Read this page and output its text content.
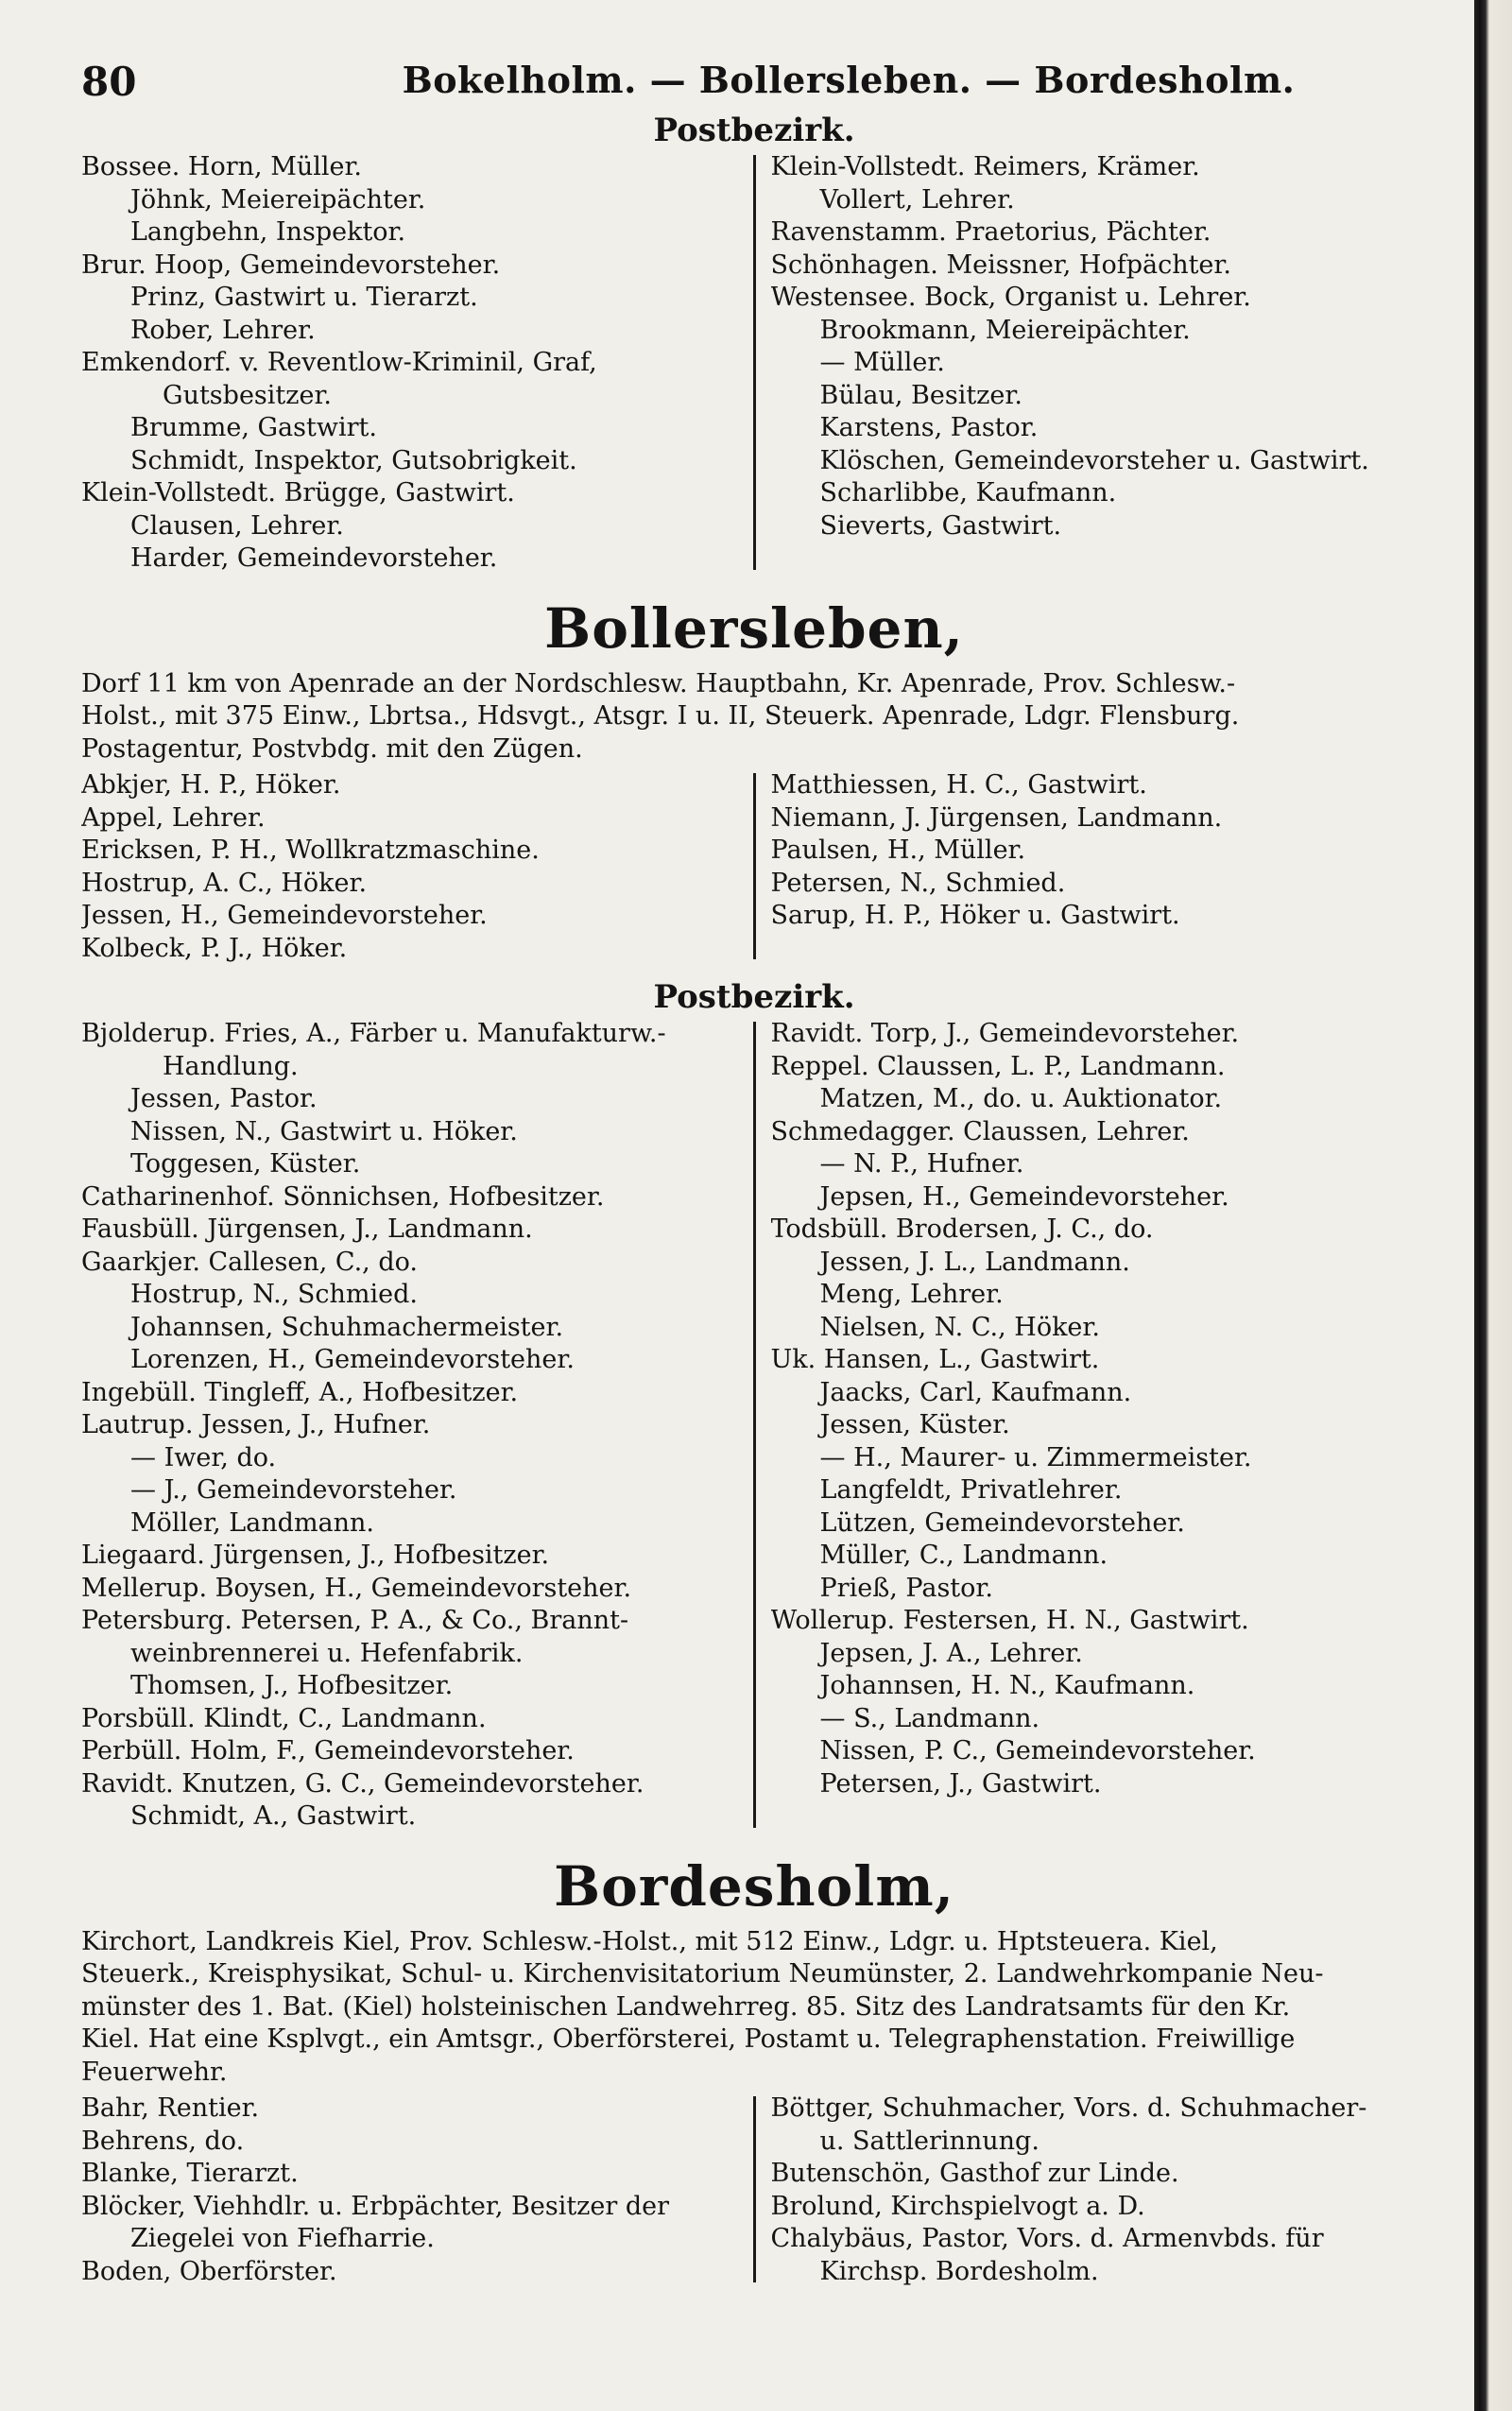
80	Bokelholm. — Bollersleben. — Bordesholm.
Postbezirk.
Bossee. Horn, Müller.
Jöhnk, Meiereipächter.
Langbehn, Inspektor.
Brur. Hoop, Gemeindevorsteher.
Prinz, Gastwirt u. Tierarzt.
Rober, Lehrer.
Emkendorf. v. Reventlow-Kriminil, Graf,
Gutsbesitzer.
Brumme, Gastwirt.
Schmidt, Inspektor, Gutsobrigkeit.
Klein-Vollstedt. Brügge, Gastwirt.
Clausen, Lehrer.
Harder, Gemeindevorsteher.
Klein-Vollstedt. Reimers, Krämer.
Vollert, Lehrer.
Ravenstamm. Praetorius, Pächter.
Schönhagen. Meissner, Hofpächter.
Westensee. Bock, Organist u. Lehrer.
Brookmann, Meiereipächter.
— Müller.
Bülau, Besitzer.
Karstens, Pastor.
Klöschen, Gemeindevorsteher u. Gastwirt.
Scharlibbe, Kaufmann.
Sieverts, Gastwirt.
Bollersleben,
Dorf 11 km von Apenrade an der Nordschlesw. Hauptbahn, Kr. Apenrade, Prov. Schlesw.-
Holst., mit 375 Einw., Lbrtsa., Hdsvgt., Atsgr. I u. II, Steuerk. Apenrade, Ldgr. Flensburg.
Postagentur, Postvbdg. mit den Zügen.
Abkjer, H. P., Höker.
Appel, Lehrer.
Ericksen, P. H., Wollkratzmaschine.
Hostrup, A. C., Höker.
Jessen, H., Gemeindevorsteher.
Kolbeck, P. J., Höker.
Matthiessen, H. C., Gastwirt.
Niemann, J. Jürgensen, Landmann.
Paulsen, H., Müller.
Petersen, N., Schmied.
Sarup, H. P., Höker u. Gastwirt.
Postbezirk.
Bjolderup. Fries, A., Färber u. Manufakturw.-
Handlung.
Jessen, Pastor.
Nissen, N., Gastwirt u. Höker.
Toggesen, Küster.
Catharinenhof. Sönnichsen, Hofbesitzer.
Fausbüll. Jürgensen, J., Landmann.
Gaarkjer. Callesen, C., do.
Hostrup, N., Schmied.
Johannsen, Schuhmachermeister.
Lorenzen, H., Gemeindevorsteher.
Ingebüll. Tingleff, A., Hofbesitzer.
Lautrup. Jessen, J., Hufner.
— Iwer, do.
— J., Gemeindevorsteher.
Möller, Landmann.
Liegaard. Jürgensen, J., Hofbesitzer.
Mellerup. Boysen, H., Gemeindevorsteher.
Petersburg. Petersen, P. A., & Co., Brannt-
weinbrennerei u. Hefenfabrik.
Thomsen, J., Hofbesitzer.
Porsbüll. Klindt, C., Landmann.
Perbüll. Holm, F., Gemeindevorsteher.
Ravidt. Knutzen, G. C., Gemeindevorsteher.
Schmidt, A., Gastwirt.
Ravidt. Torp, J., Gemeindevorsteher.
Reppel. Claussen, L. P., Landmann.
Matzen, M., do. u. Auktionator.
Schmedagger. Claussen, Lehrer.
— N. P., Hufner.
Jepsen, H., Gemeindevorsteher.
Todsbüll. Brodersen, J. C., do.
Jessen, J. L., Landmann.
Meng, Lehrer.
Nielsen, N. C., Höker.
Uk. Hansen, L., Gastwirt.
Jaacks, Carl, Kaufmann.
Jessen, Küster.
— H., Maurer- u. Zimmermeister.
Langfeldt, Privatlehrer.
Lützen, Gemeindevorsteher.
Müller, C., Landmann.
Prieß, Pastor.
Wollerup. Festersen, H. N., Gastwirt.
Jepsen, J. A., Lehrer.
Johannsen, H. N., Kaufmann.
— S., Landmann.
Nissen, P. C., Gemeindevorsteher.
Petersen, J., Gastwirt.
Bordesholm,
Kirchort, Landkreis Kiel, Prov. Schlesw.-Holst., mit 512 Einw., Ldgr. u. Hptsteuera. Kiel,
Steuerk., Kreisphysikat, Schul- u. Kirchenvisitatorium Neumünster, 2. Landwehrkompanie Neu-
münster des 1. Bat. (Kiel) holsteinischen Landwehrreg. 85. Sitz des Landratsamts für den Kr.
Kiel. Hat eine Ksplvgt., ein Amtsgr., Oberförsterei, Postamt u. Telegraphenstation. Freiwillige
Feuerwehr.
Bahr, Rentier.
Behrens, do.
Blanke, Tierarzt.
Blöcker, Viehhdlr. u. Erbpächter, Besitzer der
Ziegelei von Fiefharrie.
Boden, Oberförster.
Böttger, Schuhmacher, Vors. d. Schuhmacher-
u. Sattlerinnung.
Butenschön, Gasthof zur Linde.
Brolund, Kirchspielvogt a. D.
Chalybäus, Pastor, Vors. d. Armenvbds. für
Kirchsp. Bordesholm.
